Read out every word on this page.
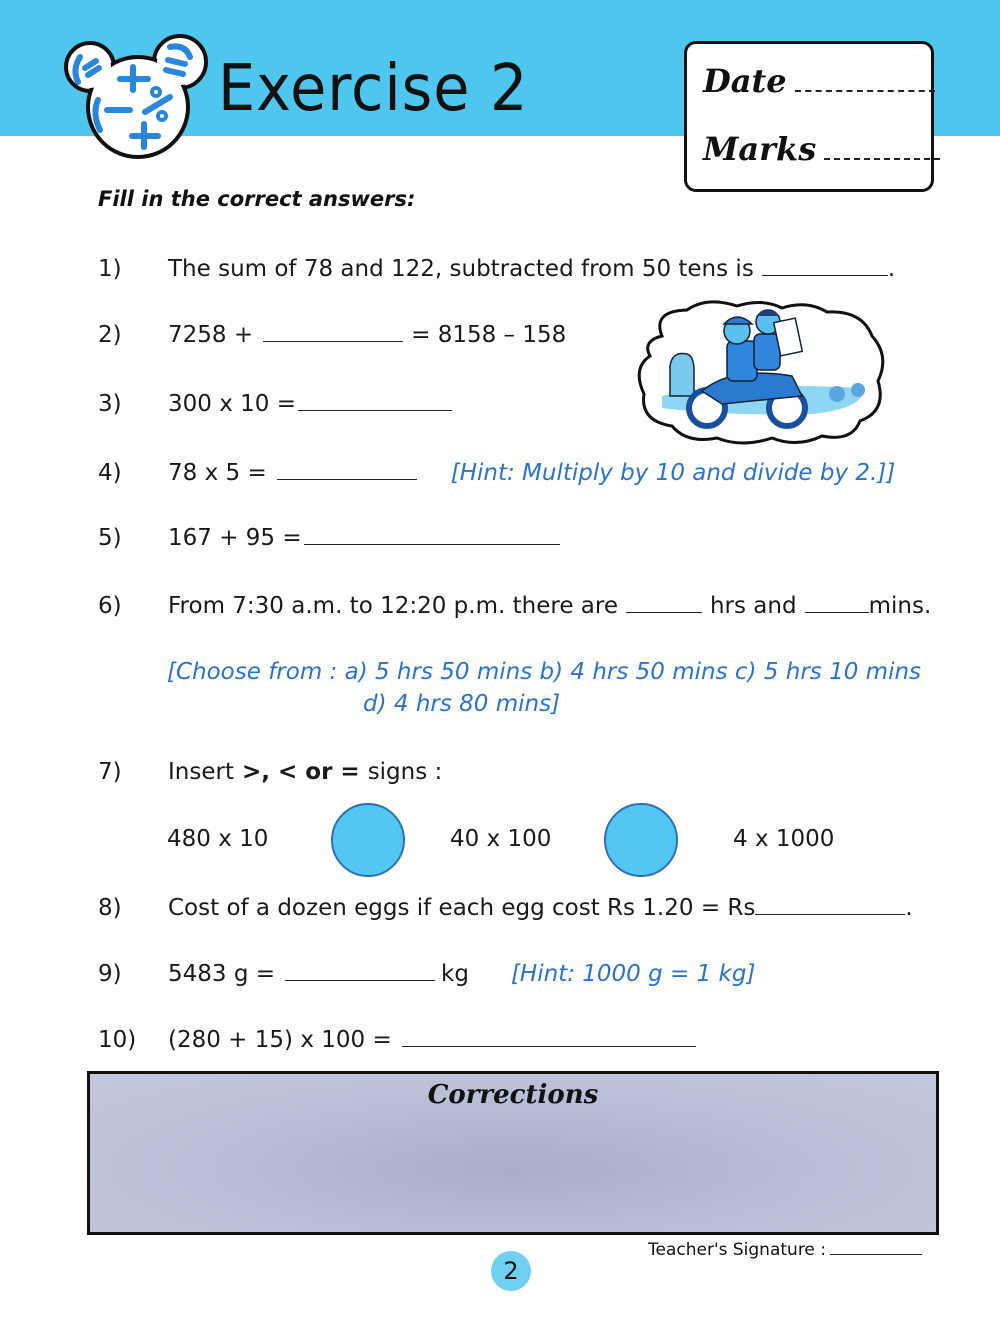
Exercise 2	Date
Marks
Fill in the correct answers:
1)	The sum of 78 and 122, subtracted from 50 tens is	.
2)	7258 +	= 8158 – 158
3)	300 x 10 =
4)	78 x 5 =	[Hint: Multiply by 10 and divide by 2.]]
5)	167 + 95 =
6)	From 7:30 a.m. to 12:20 p.m. there are	hrs and	mins.
[Choose from : a) 5 hrs 50 mins b) 4 hrs 50 mins c) 5 hrs 10 mins
d) 4 hrs 80 mins]
7)	Insert >, < or = signs :
480 x 10	40 x 100	4 x 1000
8)	Cost of a dozen eggs if each egg cost Rs 1.20 = Rs	.
9)	5483 g =	kg [Hint: 1000 g = 1 kg]
10)	(280 + 15) x 100 =
Corrections
2
Teacher's Signature :
